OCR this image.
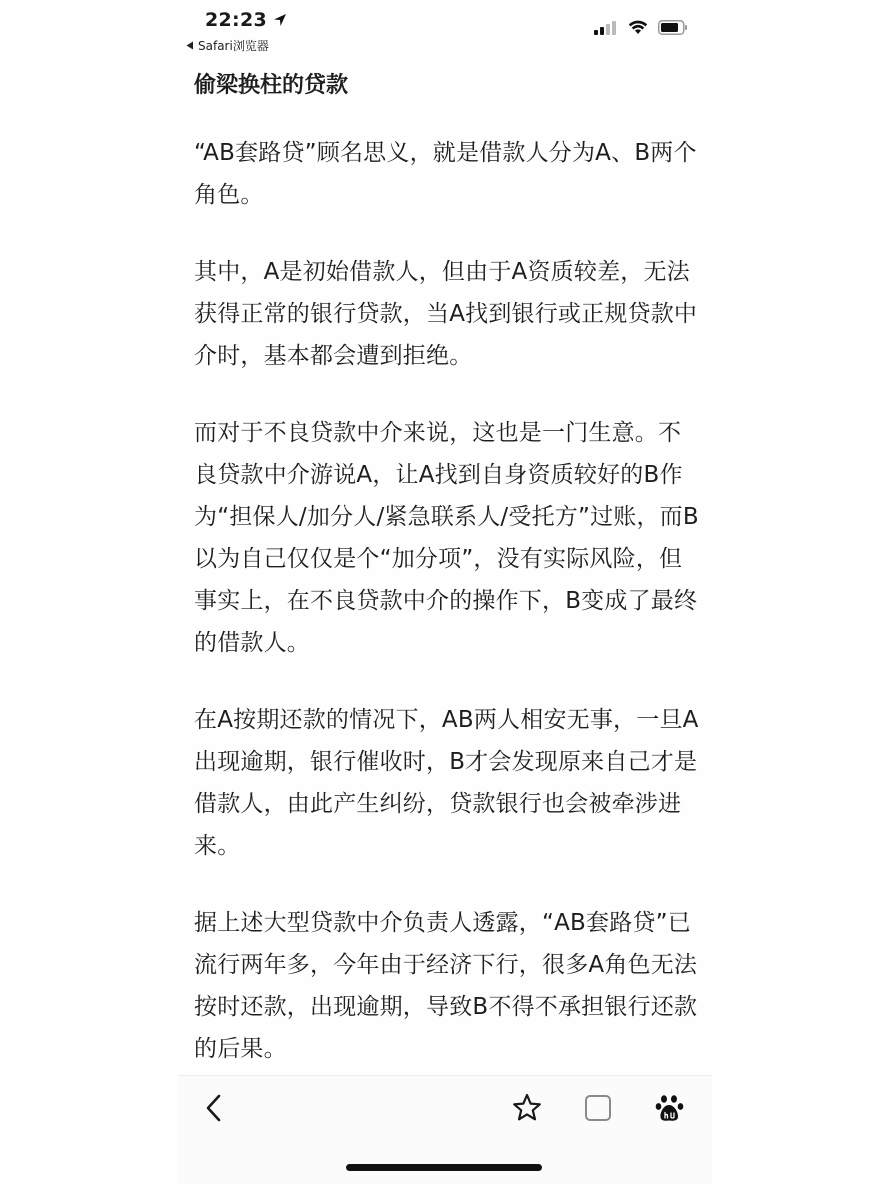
22:23
Safari浏览器
偷梁换柱的贷款

“AB套路贷”顾名思义，就是借款人分为A、B两个角色。

其中，A是初始借款人，但由于A资质较差，无法获得正常的银行贷款，当A找到银行或正规贷款中介时，基本都会遭到拒绝。

而对于不良贷款中介来说，这也是一门生意。不良贷款中介游说A，让A找到自身资质较好的B作为“担保人/加分人/紧急联系人/受托方”过账，而B以为自己仅仅是个“加分项”，没有实际风险，但事实上，在不良贷款中介的操作下，B变成了最终的借款人。

在A按期还款的情况下，AB两人相安无事，一旦A出现逾期，银行催收时，B才会发现原来自己才是借款人，由此产生纠纷，贷款银行也会被牵涉进来。

据上述大型贷款中介负责人透露，“AB套路贷”已流行两年多，今年由于经济下行，很多A角色无法按时还款，出现逾期，导致B不得不承担银行还款的后果。
